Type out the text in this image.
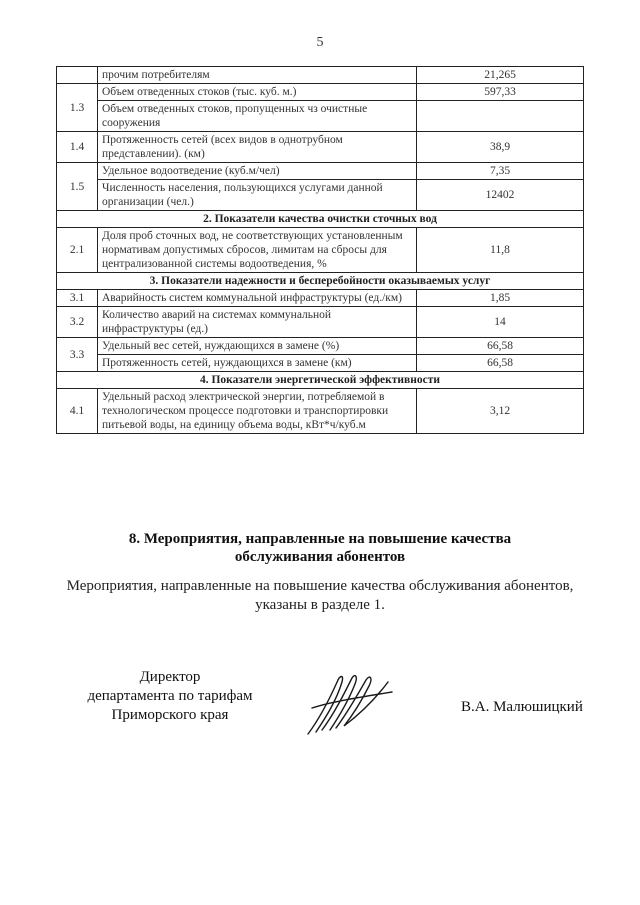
5
	прочим потребителям	21,265
1.3	Объем отведенных стоков (тыс. куб. м.)	597,33
	Объем отведенных стоков, пропущенных чз очистные сооружения	
1.4	Протяженность сетей (всех видов в однотрубном представлении). (км)	38,9
1.5	Удельное водоотведение (куб.м/чел)	7,35
	Численность населения, пользующихся услугами данной организации (чел.)	12402
2. Показатели качества очистки сточных вод		
2.1	Доля проб сточных вод, не соответствующих установленным нормативам допустимых сбросов, лимитам на сбросы для централизованной системы водоотведения, %	11,8
3. Показатели надежности и бесперебойности оказываемых услуг		
3.1	Аварийность систем коммунальной инфраструктуры (ед./км)	1,85
3.2	Количество аварий на системах коммунальной инфраструктуры (ед.)	14
3.3	Удельный вес сетей, нуждающихся в замене (%)	66,58
	Протяженность сетей, нуждающихся в замене (км)	66,58
4. Показатели энергетической эффективности		
4.1	Удельный расход электрической энергии, потребляемой в технологическом процессе подготовки и транспортировки питьевой воды, на единицу объема воды, кВт*ч/куб.м	3,12
8. Мероприятия, направленные на повышение качества
обслуживания абонентов
Мероприятия, направленные на повышение качества обслуживания абонентов,
указаны в разделе 1.
Директор
департамента по тарифам
Приморского края	В.А. Малюшицкий
